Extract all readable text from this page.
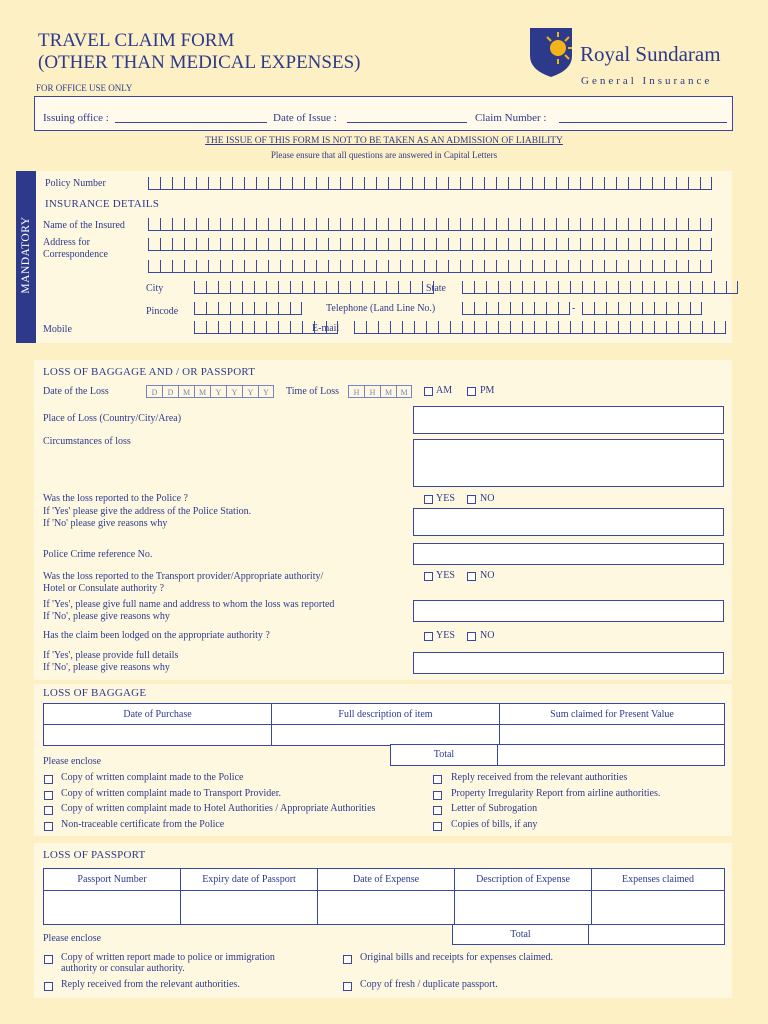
TRAVEL CLAIM FORM
(OTHER THAN MEDICAL EXPENSES)	Royal Sundaram
General Insurance
FOR OFFICE USE ONLY
Issuing office :	Date of Issue :	Claim Number :
THE ISSUE OF THIS FORM IS NOT TO BE TAKEN AS AN ADMISSION OF LIABILITY
Please ensure that all questions are answered in Capital Letters
MANDATORY
Policy Number
INSURANCE DETAILS
Name of the Insured
Address for
Correspondence
City	State
Pincode	Telephone (Land Line No.)	-
Mobile	E-mail
LOSS OF BAGGAGE AND / OR PASSPORT
Date of the Loss	D	D	M	M	Y	Y	Y	Y	Time of Loss	H	H	M	M	AM	PM
Place of Loss (Country/City/Area)
Circumstances of loss
Was the loss reported to the Police ?
If 'Yes' please give the address of the Police Station.
If 'No' please give reasons why
YES	NO
Police Crime reference No.
Was the loss reported to the Transport provider/Appropriate authority/
Hotel or Consulate authority ?
YES	NO
If 'Yes', please give full name and address to whom the loss was reported
If 'No', please give reasons why
Has the claim been lodged on the appropriate authority ?	YES	NO
If 'Yes', please provide full details
If 'No', please give reasons why
LOSS OF BAGGAGE
Date of Purchase	Full description of item	Sum claimed for Present Value

Total
Please enclose
Copy of written complaint made to the Police
Copy of written complaint made to Transport Provider.
Copy of written complaint made to Hotel Authorities / Appropriate Authorities
Non-traceable certificate from the Police
Reply received from the relevant authorities
Property Irregularity Report from airline authorities.
Letter of Subrogation
Copies of bills, if any
LOSS OF PASSPORT
Passport Number	Expiry date of Passport	Date of Expense	Description of Expense	Expenses claimed

Total
Please enclose
Copy of written report made to police or immigration
authority or consular authority.
Reply received from the relevant authorities.
Original bills and receipts for expenses claimed.
Copy of fresh / duplicate passport.
